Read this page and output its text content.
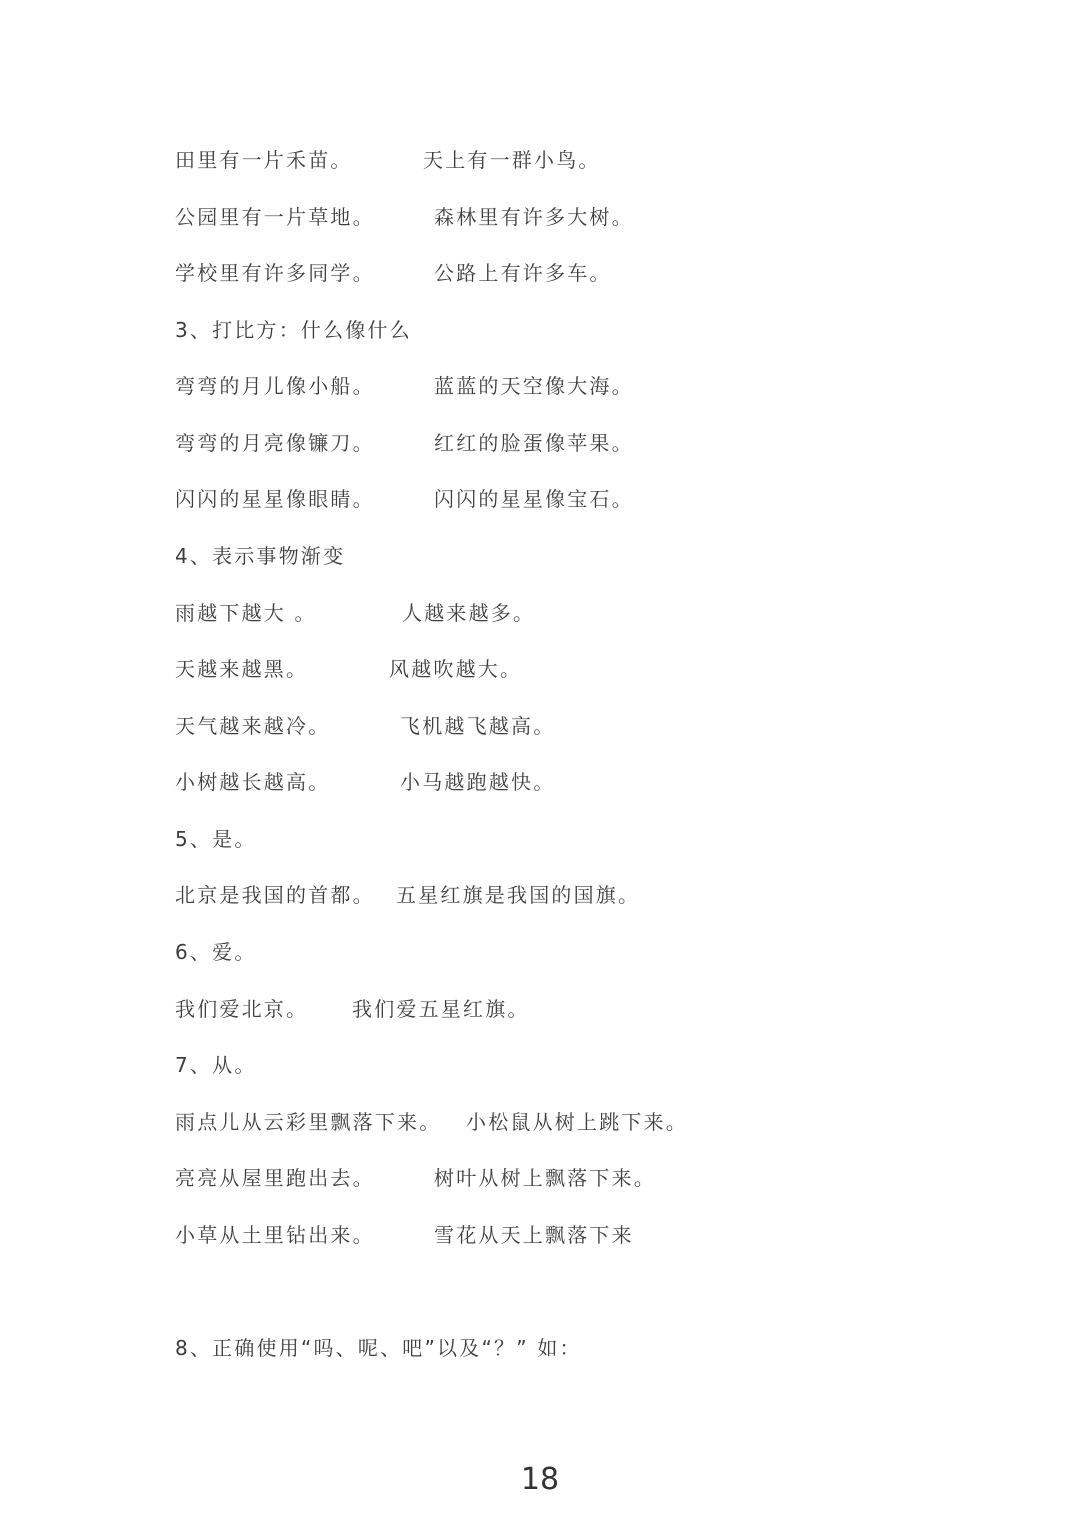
田里有一片禾苗。	天上有一群小鸟。
公园里有一片草地。	森林里有许多大树。
学校里有许多同学。	公路上有许多车。
3、打比方：什么像什么
弯弯的月儿像小船。	蓝蓝的天空像大海。
弯弯的月亮像镰刀。	红红的脸蛋像苹果。
闪闪的星星像眼睛。	闪闪的星星像宝石。
4、表示事物渐变
雨越下越大 。	人越来越多。
天越来越黑。	风越吹越大。
天气越来越冷。	飞机越飞越高。
小树越长越高。	小马越跑越快。
5、是。
北京是我国的首都。 五星红旗是我国的国旗。
6、爱。
我们爱北京。 我们爱五星红旗。
7、从。
雨点儿从云彩里飘落下来。 小松鼠从树上跳下来。
亮亮从屋里跑出去。	树叶从树上飘落下来。
小草从土里钻出来。	雪花从天上飘落下来
8、正确使用“吗、呢、吧”以及“？” 如：
18
